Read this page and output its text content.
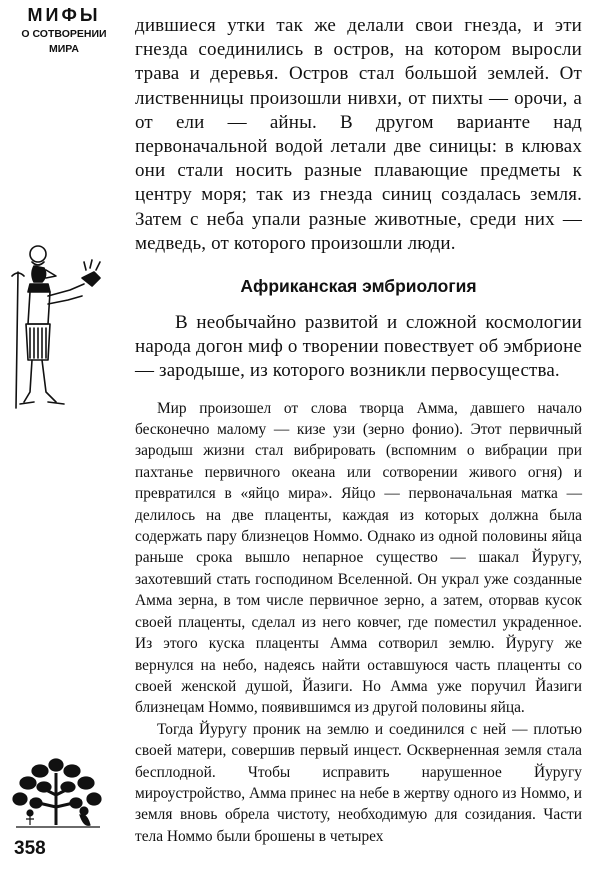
МИФЫ
О СОТВОРЕНИИ
МИРА

дившиеся утки так же делали свои гнезда, и эти гнезда соединились в остров, на котором выросли трава и деревья. Остров стал большой землей. От лиственницы произошли нивхи, от пихты — орочи, а от ели — айны. В другом варианте над первоначальной водой летали две синицы: в клювах они стали носить разные плавающие предметы к центру моря; так из гнезда синиц создалась земля. Затем с неба упали разные животные, среди них — медведь, от которого произошли люди.

Африканская эмбриология

В необычайно развитой и сложной космологии народа догон миф о творении повествует об эмбрионе — зародыше, из которого возникли первосущества.

Мир произошел от слова творца Амма, давшего начало бесконечно малому — кизе узи (зерно фонио). Этот первичный зародыш жизни стал вибрировать (вспомним о вибрации при пахтанье первичного океана или сотворении живого огня) и превратился в «яйцо мира». Яйцо — первоначальная матка — делилось на две плаценты, каждая из которых должна была содержать пару близнецов Номмо. Однако из одной половины яйца раньше срока вышло непарное существо — шакал Йуругу, захотевший стать господином Вселенной. Он украл уже созданные Амма зерна, в том числе первичное зерно, а затем, оторвав кусок своей плаценты, сделал из него ковчег, где поместил украденное. Из этого куска плаценты Амма сотворил землю. Йуругу же вернулся на небо, надеясь найти оставшуюся часть плаценты со своей женской душой, Йазиги. Но Амма уже поручил Йазиги близнецам Номмо, появившимся из другой половины яйца.

Тогда Йуругу проник на землю и соединился с ней — плотью своей матери, совершив первый инцест. Оскверненная земля стала бесплодной. Чтобы исправить нарушенное Йуругу мироустройство, Амма принес на небе в жертву одного из Номмо, и земля вновь обрела чистоту, необходимую для созидания. Части тела Номмо были брошены в четырех

358
